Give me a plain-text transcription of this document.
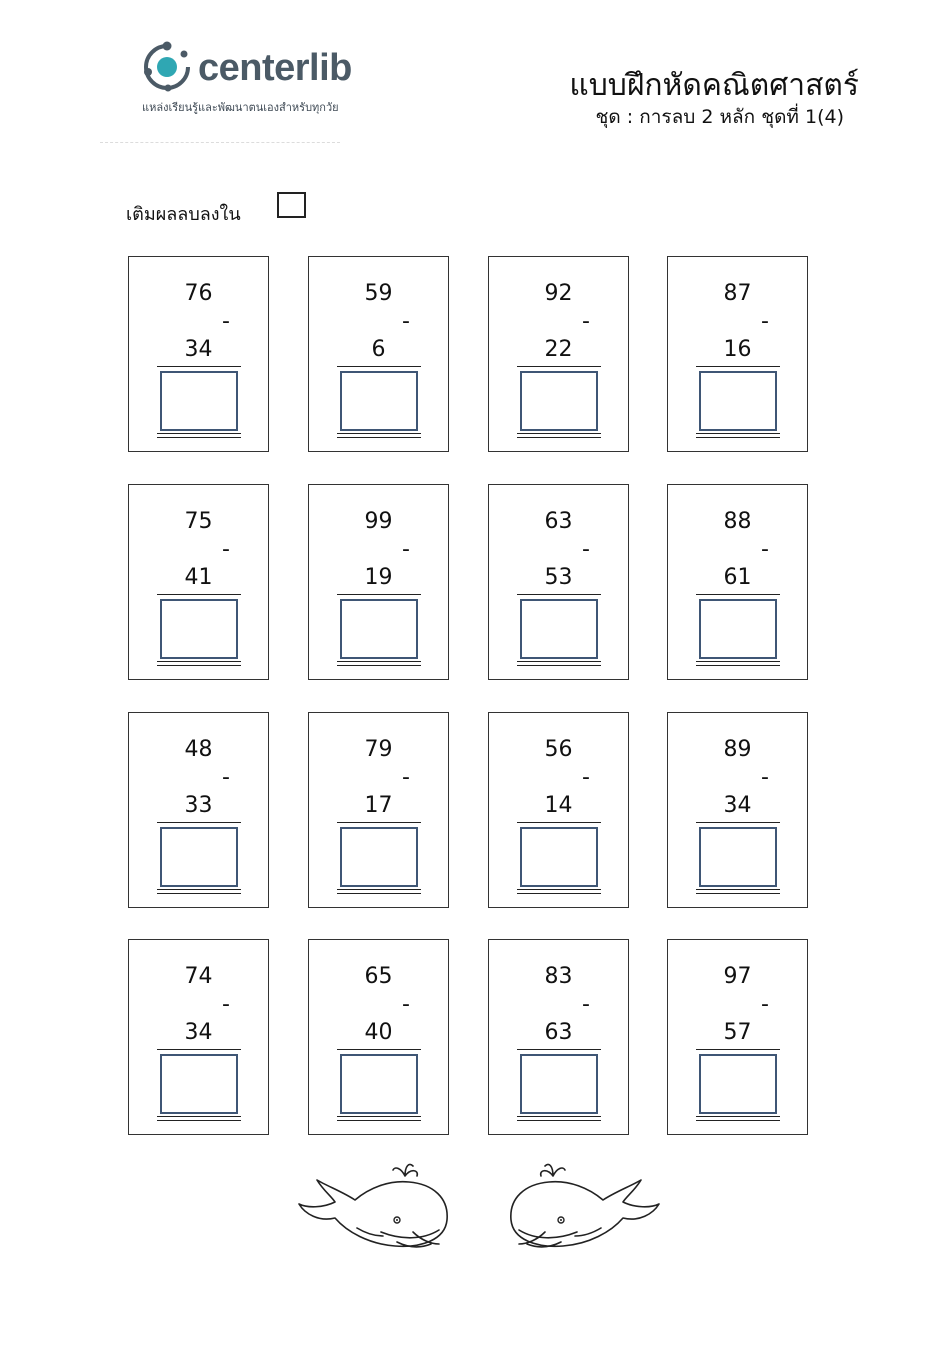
centerlib
แหล่งเรียนรู้และพัฒนาตนเองสำหรับทุกวัย
แบบฝึกหัดคณิตศาสตร์
ชุด : การลบ 2 หลัก ชุดที่ 1(4)
เติมผลลบลงใน
76
-
34
59
-
6
92
-
22
87
-
16
75
-
41
99
-
19
63
-
53
88
-
61
48
-
33
79
-
17
56
-
14
89
-
34
74
-
34
65
-
40
83
-
63
97
-
57
